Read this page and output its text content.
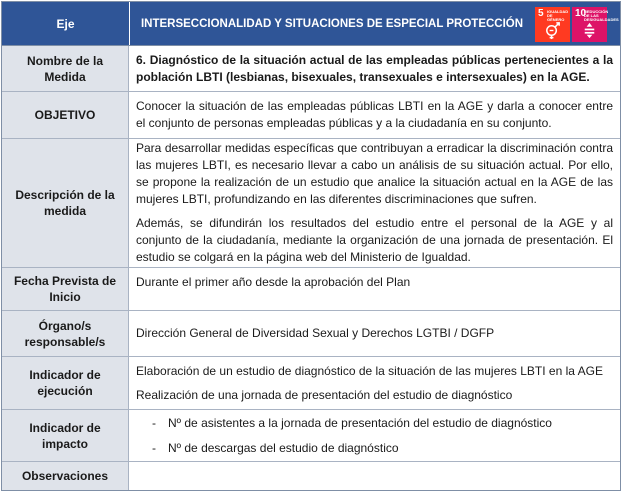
Eje	INTERSECCIONALIDAD Y SITUACIONES DE ESPECIAL PROTECCIÓN
5 IGUALDAD DE GÉNERO
10
REDUCCIÓN DE LAS DESIGUALDADES
Nombre de la Medida

6. Diagnóstico de la situación actual de las empleadas públicas pertenecientes a la población LBTI (lesbianas, bisexuales, transexuales e intersexuales) en la AGE.

OBJETIVO

Conocer la situación de las empleadas públicas LBTI en la AGE y darla a conocer entre el conjunto de personas empleadas públicas y a la ciudadanía en su conjunto.

Descripción de la medida

Para desarrollar medidas específicas que contribuyan a erradicar la discriminación contra las mujeres LBTI, es necesario llevar a cabo un análisis de su situación actual. Por ello, se propone la realización de un estudio que analice la situación actual en la AGE de las mujeres LBTI, profundizando en las diferentes discriminaciones que sufren.

Además, se difundirán los resultados del estudio entre el personal de la AGE y al conjunto de la ciudadanía, mediante la organización de una jornada de presentación. El estudio se colgará en la página web del Ministerio de Igualdad.

Fecha Prevista de Inicio

Durante el primer año desde la aprobación del Plan

Órgano/s responsable/s

Dirección General de Diversidad Sexual y Derechos LGTBI / DGFP

Indicador de ejecución

Elaboración de un estudio de diagnóstico de la situación de las mujeres LBTI en la AGE

Realización de una jornada de presentación del estudio de diagnóstico

Indicador de impacto
- Nº de asistentes a la jornada de presentación del estudio de diagnóstico
- Nº de descargas del estudio de diagnóstico
Observaciones
